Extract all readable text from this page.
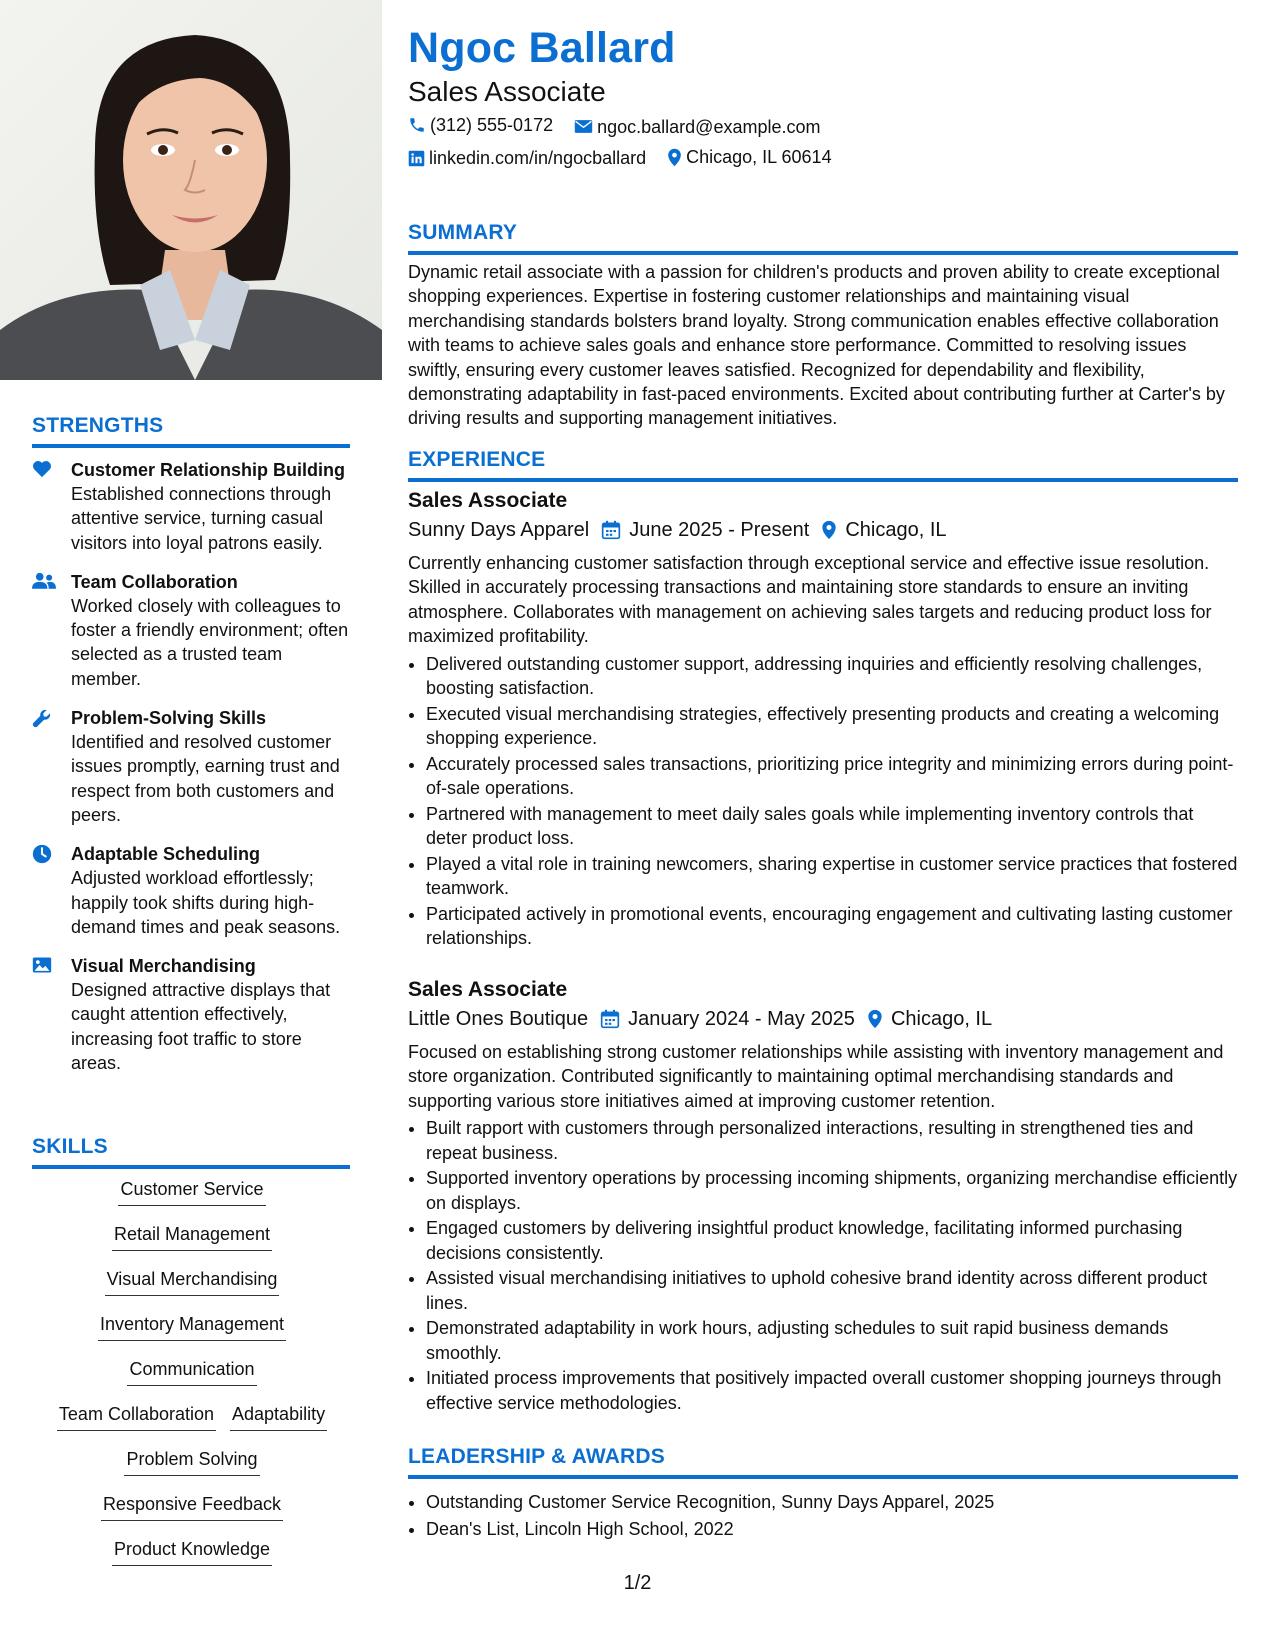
STRENGTHS
Customer Relationship Building
Established connections through attentive service, turning casual visitors into loyal patrons easily.
Team Collaboration
Worked closely with colleagues to foster a friendly environment; often selected as a trusted team member.
Problem-Solving Skills
Identified and resolved customer issues promptly, earning trust and respect from both customers and peers.
Adaptable Scheduling
Adjusted workload effortlessly; happily took shifts during high-demand times and peak seasons.
Visual Merchandising
Designed attractive displays that caught attention effectively, increasing foot traffic to store areas.
SKILLS
Customer Service
Retail Management
Visual Merchandising
Inventory Management
Communication
Team Collaboration Adaptability
Problem Solving
Responsive Feedback
Product Knowledge
Ngoc Ballard
Sales Associate
(312) 555-0172
ngoc.ballard@example.com
linkedin.com/in/ngocballard
Chicago, IL 60614
SUMMARY
Dynamic retail associate with a passion for children's products and proven ability to create exceptional shopping experiences. Expertise in fostering customer relationships and maintaining visual merchandising standards bolsters brand loyalty. Strong communication enables effective collaboration with teams to achieve sales goals and enhance store performance. Committed to resolving issues swiftly, ensuring every customer leaves satisfied. Recognized for dependability and flexibility, demonstrating adaptability in fast-paced environments. Excited about contributing further at Carter's by driving results and supporting management initiatives.
EXPERIENCE
Sales Associate
Sunny Days Apparel June 2025 - Present Chicago, IL
Currently enhancing customer satisfaction through exceptional service and effective issue resolution. Skilled in accurately processing transactions and maintaining store standards to ensure an inviting atmosphere. Collaborates with management on achieving sales targets and reducing product loss for maximized profitability.
• Delivered outstanding customer support, addressing inquiries and efficiently resolving challenges, boosting satisfaction.
• Executed visual merchandising strategies, effectively presenting products and creating a welcoming shopping experience.
• Accurately processed sales transactions, prioritizing price integrity and minimizing errors during point-of-sale operations.
• Partnered with management to meet daily sales goals while implementing inventory controls that deter product loss.
• Played a vital role in training newcomers, sharing expertise in customer service practices that fostered teamwork.
• Participated actively in promotional events, encouraging engagement and cultivating lasting customer relationships.
Sales Associate
Little Ones Boutique January 2024 - May 2025 Chicago, IL
Focused on establishing strong customer relationships while assisting with inventory management and store organization. Contributed significantly to maintaining optimal merchandising standards and supporting various store initiatives aimed at improving customer retention.
• Built rapport with customers through personalized interactions, resulting in strengthened ties and repeat business.
• Supported inventory operations by processing incoming shipments, organizing merchandise efficiently on displays.
• Engaged customers by delivering insightful product knowledge, facilitating informed purchasing decisions consistently.
• Assisted visual merchandising initiatives to uphold cohesive brand identity across different product lines.
• Demonstrated adaptability in work hours, adjusting schedules to suit rapid business demands smoothly.
• Initiated process improvements that positively impacted overall customer shopping journeys through effective service methodologies.
LEADERSHIP & AWARDS
• Outstanding Customer Service Recognition, Sunny Days Apparel, 2025
• Dean's List, Lincoln High School, 2022
1/2
